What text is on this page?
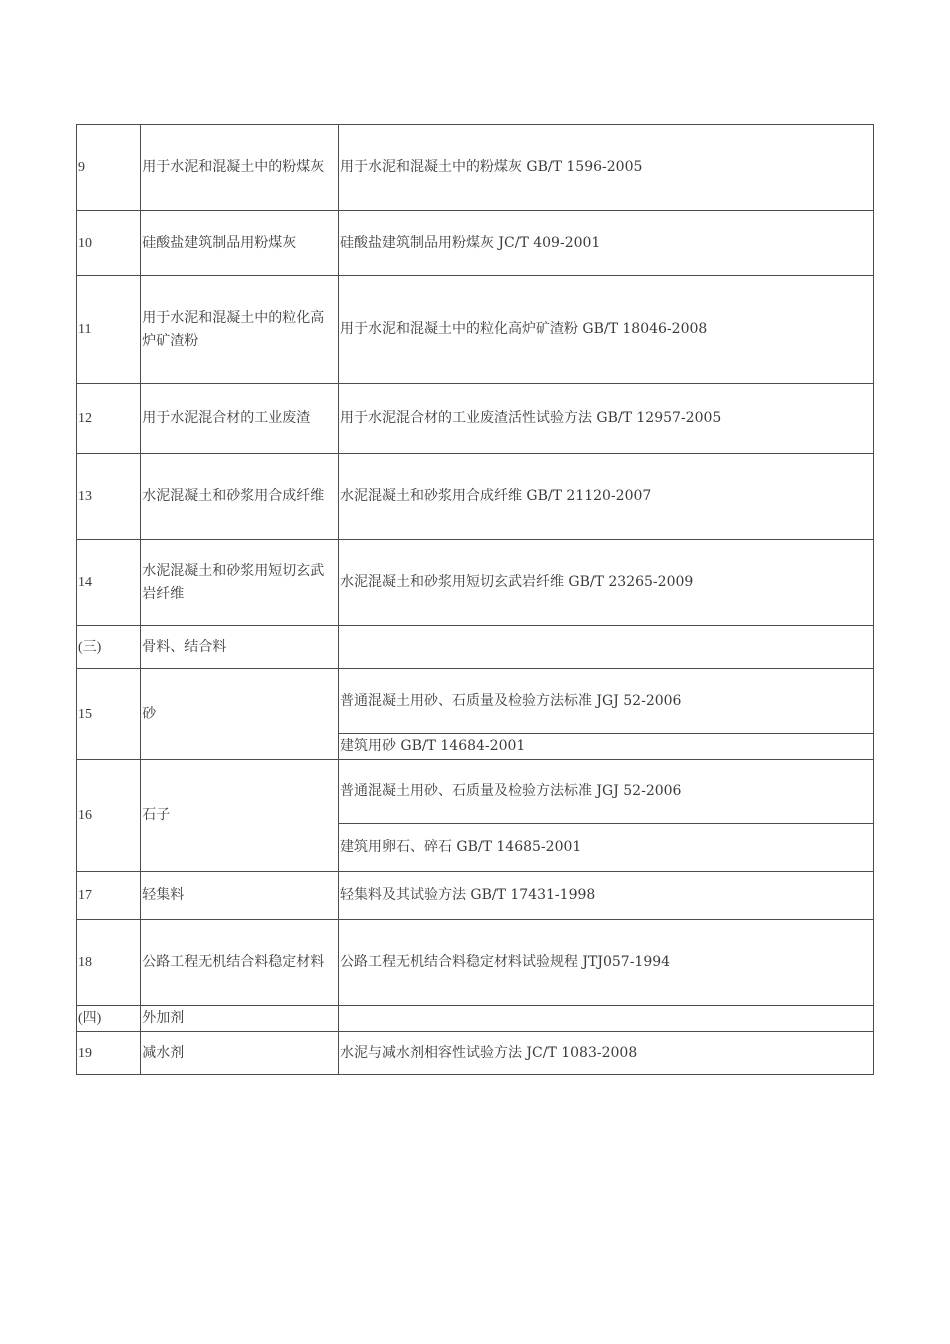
9	用于水泥和混凝土中的粉煤灰	用于水泥和混凝土中的粉煤灰 GB/T 1596-2005
10	硅酸盐建筑制品用粉煤灰	硅酸盐建筑制品用粉煤灰 JC/T 409-2001
11	用于水泥和混凝土中的粒化高炉矿渣粉	用于水泥和混凝土中的粒化高炉矿渣粉 GB/T 18046-2008
12	用于水泥混合材的工业废渣	用于水泥混合材的工业废渣活性试验方法 GB/T 12957-2005
13	水泥混凝土和砂浆用合成纤维	水泥混凝土和砂浆用合成纤维 GB/T 21120-2007
14	水泥混凝土和砂浆用短切玄武岩纤维	水泥混凝土和砂浆用短切玄武岩纤维 GB/T 23265-2009
(三)	骨料、结合料	
15	砂	普通混凝土用砂、石质量及检验方法标准 JGJ 52-2006
		建筑用砂 GB/T 14684-2001
16	石子	普通混凝土用砂、石质量及检验方法标准 JGJ 52-2006
		建筑用卵石、碎石 GB/T 14685-2001
17	轻集料	轻集料及其试验方法 GB/T 17431-1998
18	公路工程无机结合料稳定材料	公路工程无机结合料稳定材料试验规程 JTJ057-1994
(四)	外加剂	
19	减水剂	水泥与减水剂相容性试验方法 JC/T 1083-2008
